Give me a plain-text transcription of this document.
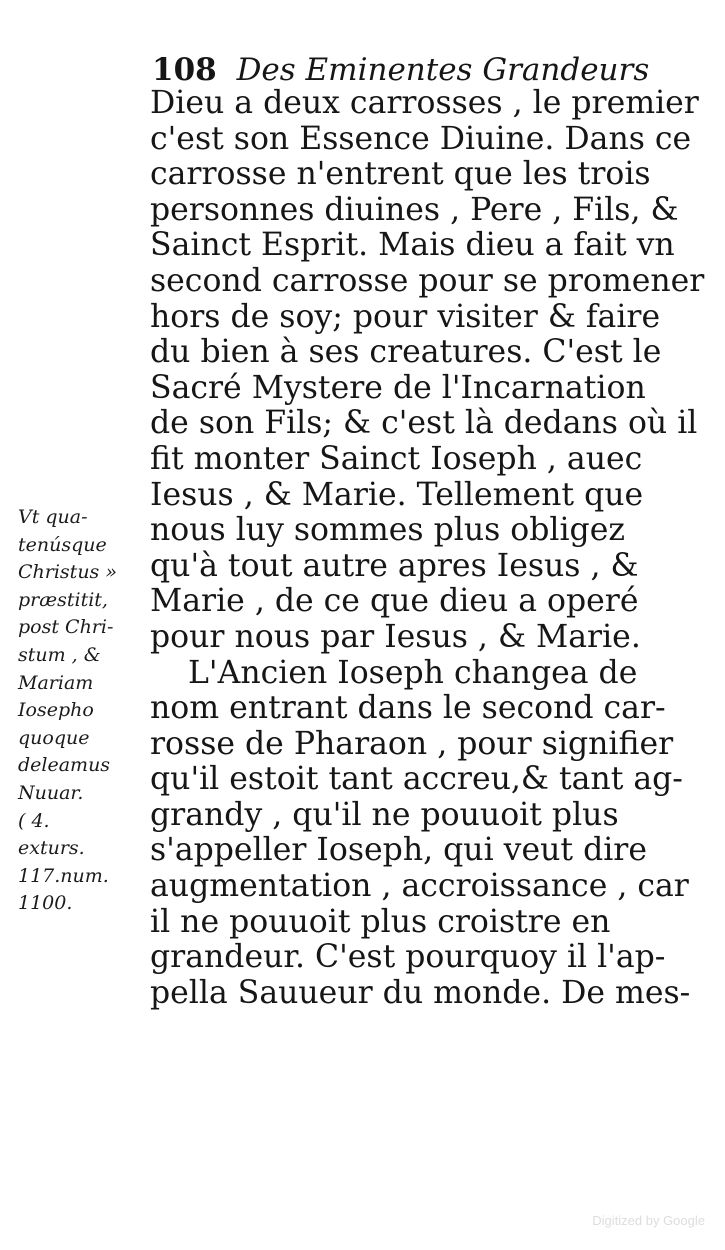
108 Des Eminentes Grandeurs
Dieu a deux carrosses , le premier
c'est son Essence Diuine. Dans ce
carrosse n'entrent que les trois
personnes diuines , Pere , Fils, &
Sainct Esprit. Mais dieu a fait vn
second carrosse pour se promener
hors de soy; pour visiter & faire
du bien à ses creatures. C'est le
Sacré Mystere de l'Incarnation
de son Fils; & c'est là dedans où il
fit monter Sainct Ioseph , auec
Iesus , & Marie. Tellement que
nous luy sommes plus obligez
qu'à tout autre apres Iesus , &
Marie , de ce que dieu a operé
pour nous par Iesus , & Marie.
L'Ancien Ioseph changea de
nom entrant dans le second car-
rosse de Pharaon , pour signifier
qu'il estoit tant accreu,& tant ag-
grandy , qu'il ne pouuoit plus
s'appeller Ioseph, qui veut dire
augmentation , accroissance , car
il ne pouuoit plus croistre en
grandeur. C'est pourquoy il l'ap-
pella Sauueur du monde. De mes-
Vt qua-
tenúsque
Christus »
præstitit,
post Chri-
stum , &
Mariam
Iosepho
quoque
deleamus
Nuuar.
( 4.
exturs.
117.num.
1100.
Digitized by Google
